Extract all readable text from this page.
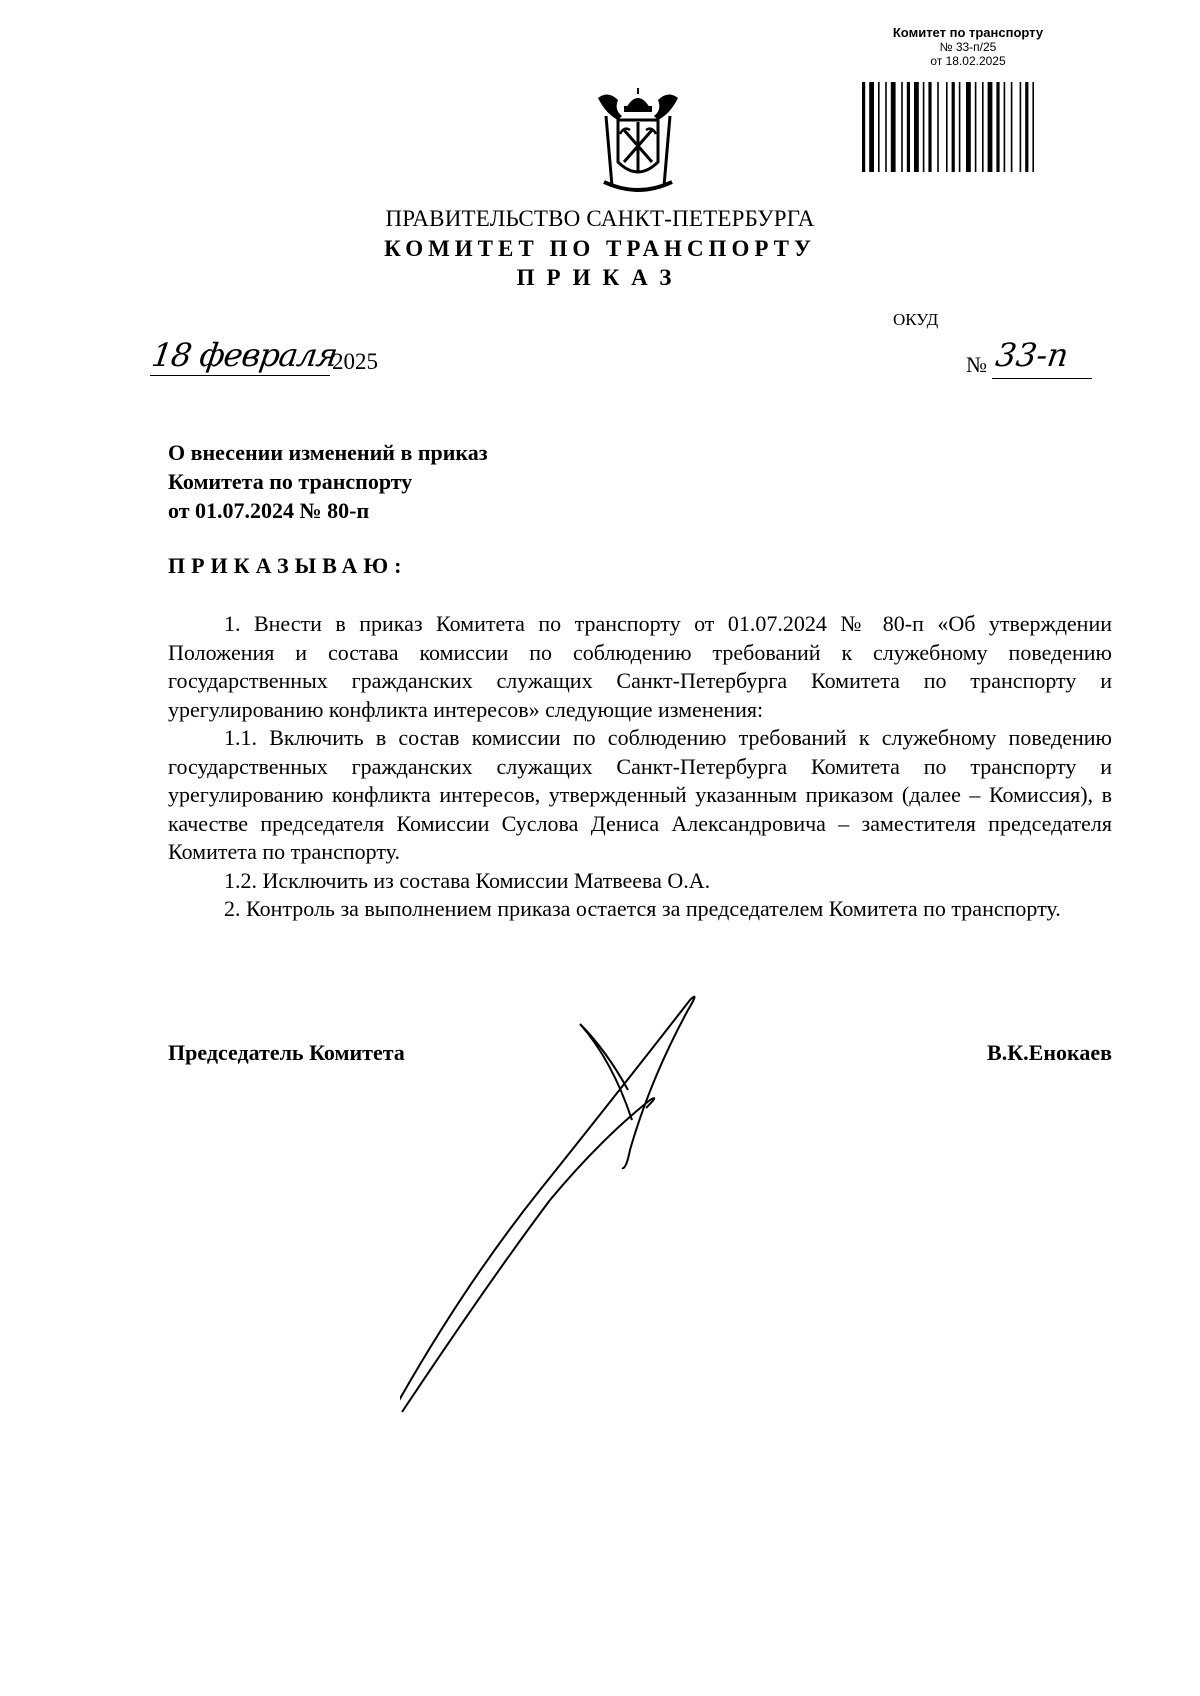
Комитет по транспорту
№ 33-п/25
от 18.02.2025
ПРАВИТЕЛЬСТВО САНКТ-ПЕТЕРБУРГА
КОМИТЕТ ПО ТРАНСПОРТУ
ПРИКАЗ
ОКУД
18 февраля
2025	№ 33-п
О внесении изменений в приказ
Комитета по транспорту
от 01.07.2024 № 80-п
ПРИКАЗЫВАЮ:

1. Внести в приказ Комитета по транспорту от 01.07.2024 № 80-п «Об утверждении Положения и состава комиссии по соблюдению требований к служебному поведению государственных гражданских служащих Санкт-Петербурга Комитета по транспорту и урегулированию конфликта интересов» следующие изменения:

1.1. Включить в состав комиссии по соблюдению требований к служебному поведению государственных гражданских служащих Санкт-Петербурга Комитета по транспорту и урегулированию конфликта интересов, утвержденный указанным приказом (далее – Комиссия), в качестве председателя Комиссии Суслова Дениса Александровича – заместителя председателя Комитета по транспорту.

1.2. Исключить из состава Комиссии Матвеева О.А.

2. Контроль за выполнением приказа остается за председателем Комитета по транспорту.

Председатель Комитета	В.К.Енокаев
